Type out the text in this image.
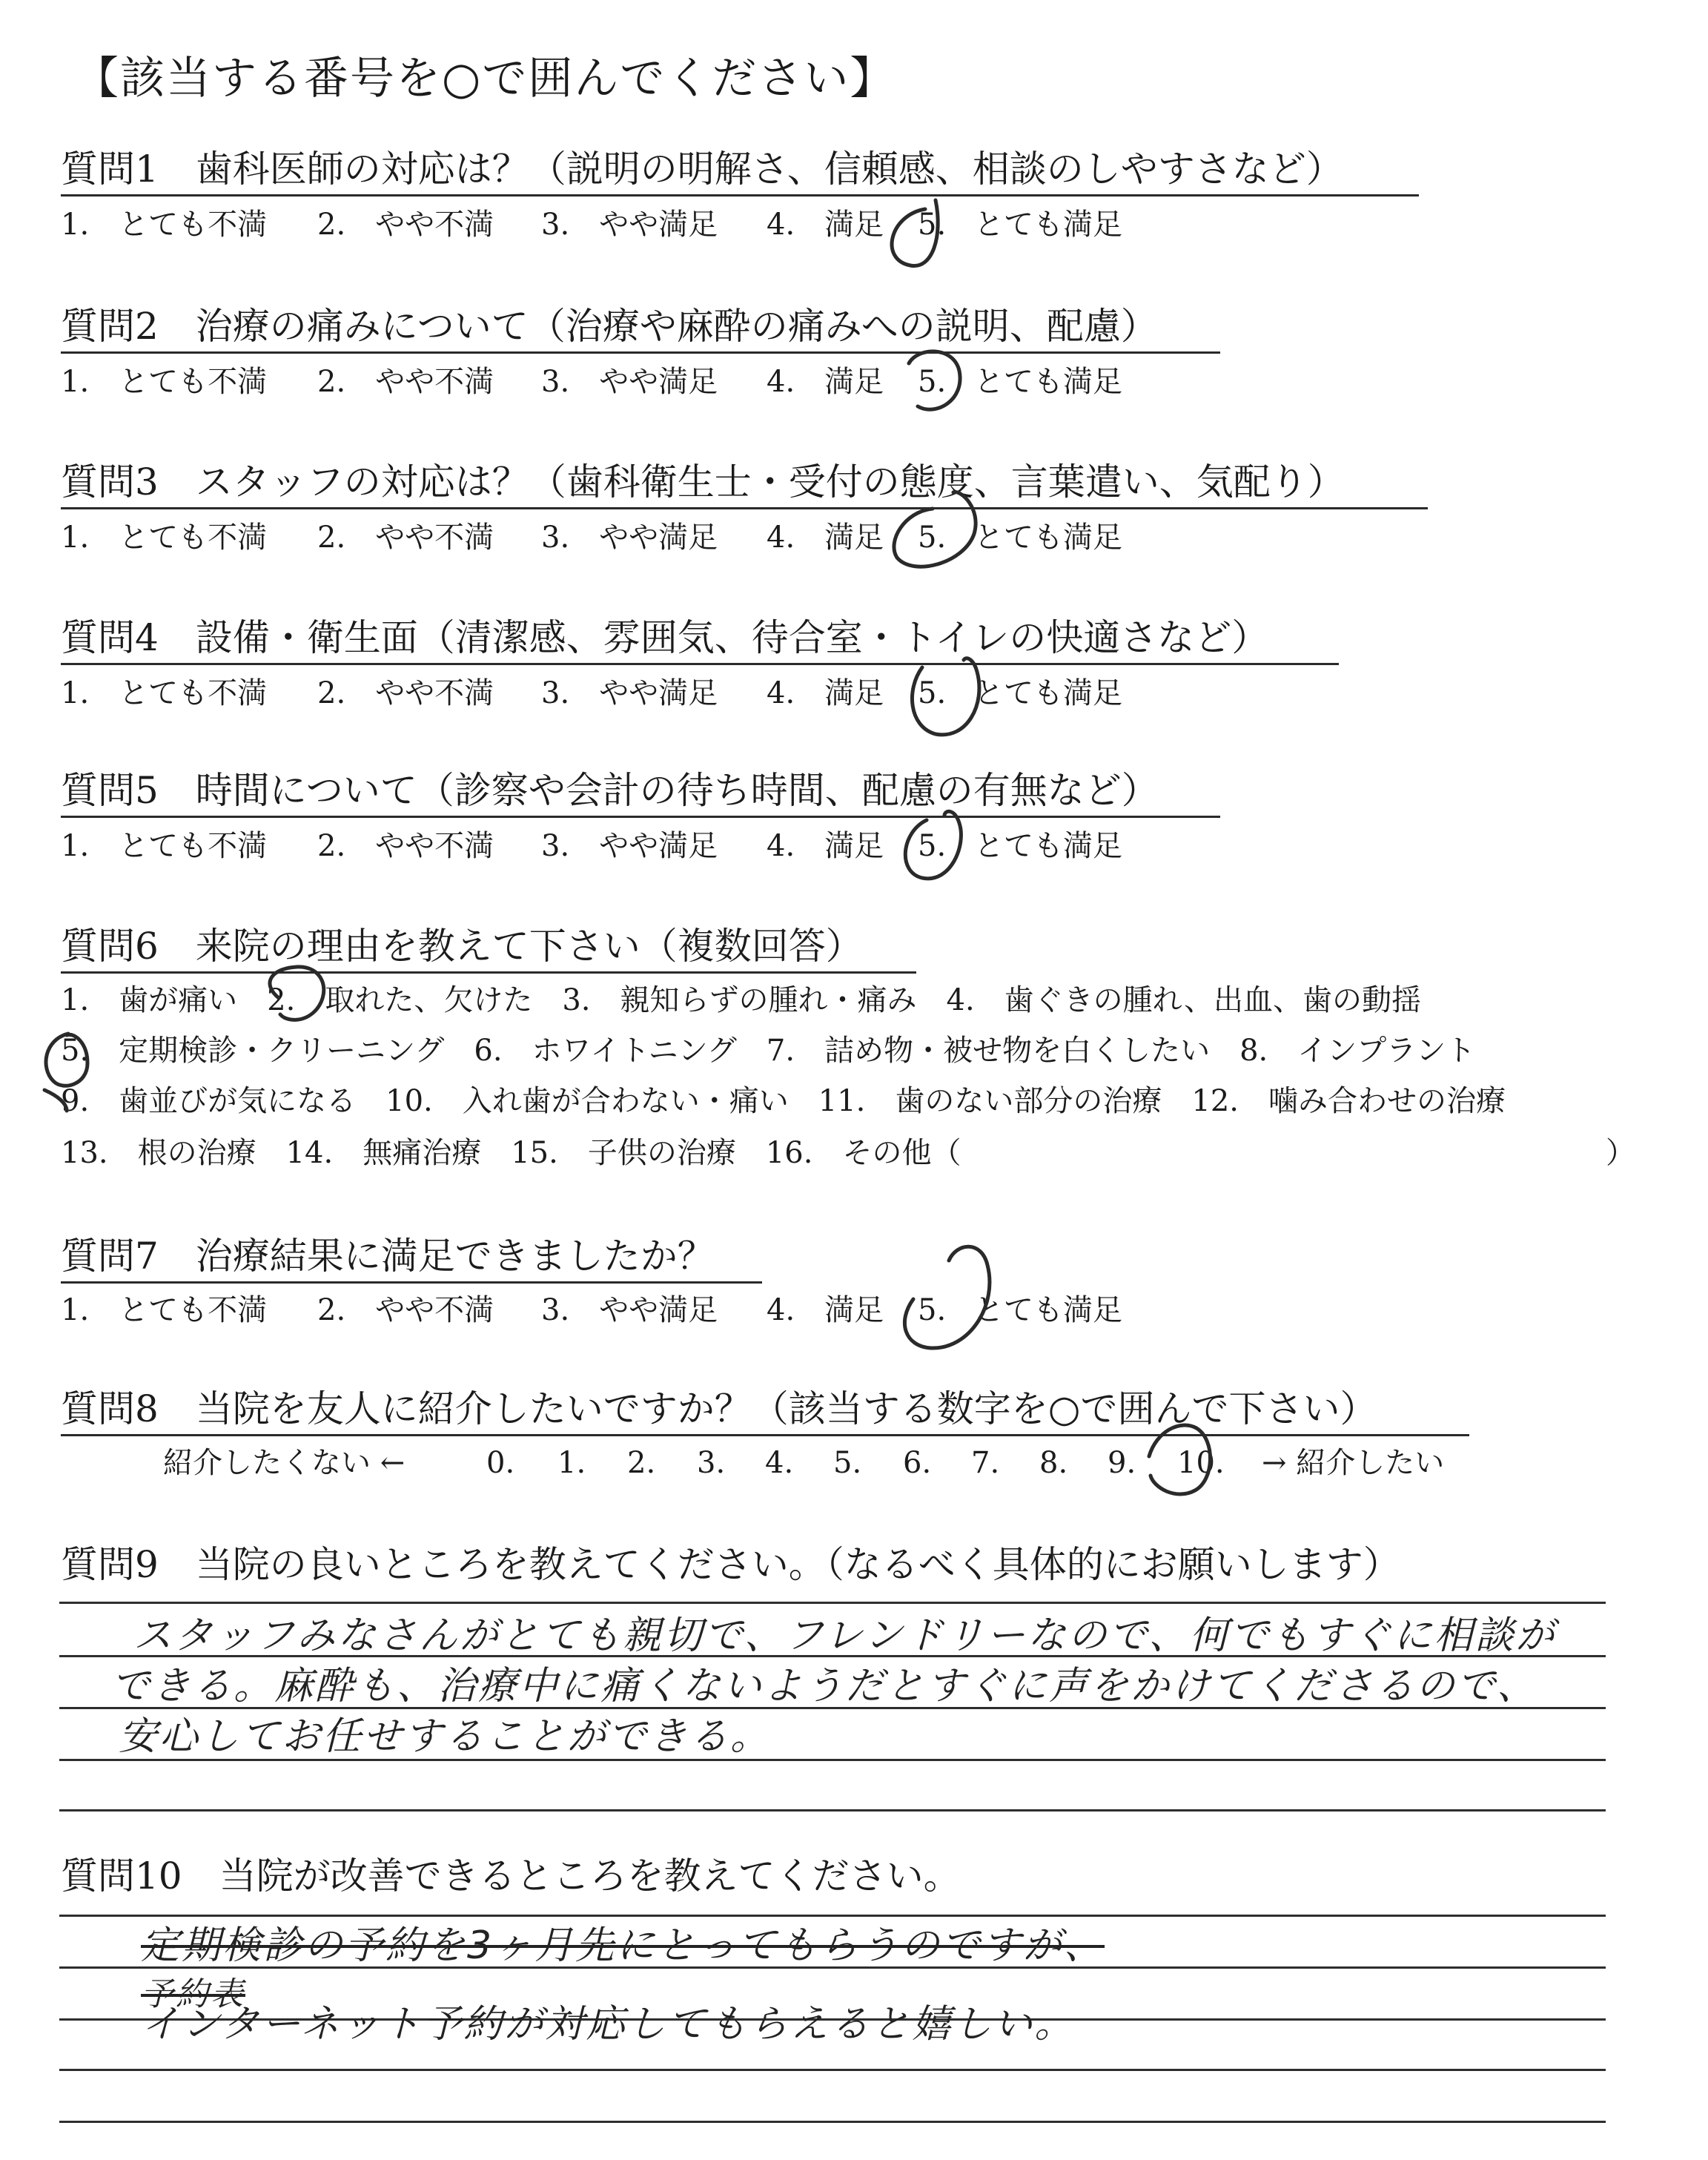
【該当する番号を○で囲んでください】
質問1　歯科医師の対応は？（説明の明解さ、信頼感、相談のしやすさなど）
1.　とても不満 2.　やや不満 3.　やや満足 4.　満足 5. とても満足
質問2　治療の痛みについて（治療や麻酔の痛みへの説明、配慮）
1.　とても不満 2.　やや不満 3.　やや満足 4.　満足 5. とても満足
質問3　スタッフの対応は？（歯科衛生士・受付の態度、言葉遣い、気配り）
1.　とても不満 2.　やや不満 3.　やや満足 4.　満足 5. とても満足
質問4　設備・衛生面（清潔感、雰囲気、待合室・トイレの快適さなど）
1.　とても不満 2.　やや不満 3.　やや満足 4.　満足 5. とても満足
質問5　時間について（診察や会計の待ち時間、配慮の有無など）
1.　とても不満 2.　やや不満 3.　やや満足 4.　満足 5. とても満足
質問6　来院の理由を教えて下さい（複数回答）
1.　歯が痛い　2.　取れた、欠けた　3.　親知らずの腫れ・痛み　4.　歯ぐきの腫れ、出血、歯の動揺
5.　定期検診・クリーニング　6.　ホワイトニング　7.　詰め物・被せ物を白くしたい　8.　インプラント
9.　歯並びが気になる　10.　入れ歯が合わない・痛い　11.　歯のない部分の治療　12.　噛み合わせの治療
13.　根の治療　14.　無痛治療　15.　子供の治療　16.　その他（	）
質問7　治療結果に満足できましたか？
1.　とても不満 2.　やや不満 3.　やや満足 4.　満足 5. とても満足
質問8　当院を友人に紹介したいですか？（該当する数字を○で囲んで下さい）
紹介したくない ←	0. 1. 2. 3. 4. 5. 6. 7. 8. 9. 10. → 紹介したい
質問9　当院の良いところを教えてください。（なるべく具体的にお願いします）
スタッフみなさんがとても親切で、フレンドリーなので、何でもすぐに相談が
できる。麻酔も、治療中に痛くないようだとすぐに声をかけてくださるので、
安心してお任せすることができる。
質問10　当院が改善できるところを教えてください。
定期検診の予約を3ヶ月先にとってもらうのですが、
予約表
インターネット予約が対応してもらえると嬉しい。
